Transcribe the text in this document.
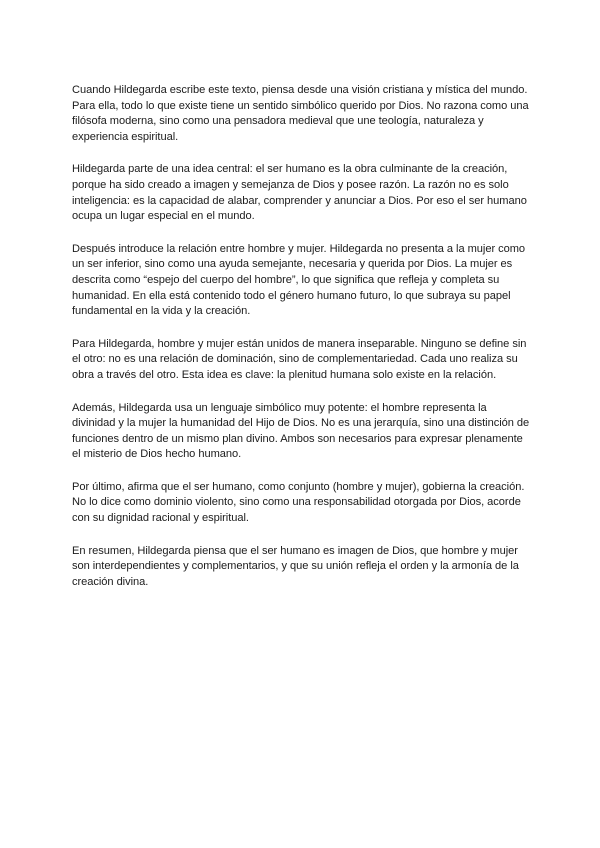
Cuando Hildegarda escribe este texto, piensa desde una visión cristiana y mística del mundo. Para ella, todo lo que existe tiene un sentido simbólico querido por Dios. No razona como una filósofa moderna, sino como una pensadora medieval que une teología, naturaleza y experiencia espiritual.

Hildegarda parte de una idea central: el ser humano es la obra culminante de la creación, porque ha sido creado a imagen y semejanza de Dios y posee razón. La razón no es solo inteligencia: es la capacidad de alabar, comprender y anunciar a Dios. Por eso el ser humano ocupa un lugar especial en el mundo.

Después introduce la relación entre hombre y mujer. Hildegarda no presenta a la mujer como un ser inferior, sino como una ayuda semejante, necesaria y querida por Dios. La mujer es descrita como “espejo del cuerpo del hombre”, lo que significa que refleja y completa su humanidad. En ella está contenido todo el género humano futuro, lo que subraya su papel fundamental en la vida y la creación.

Para Hildegarda, hombre y mujer están unidos de manera inseparable. Ninguno se define sin el otro: no es una relación de dominación, sino de complementariedad. Cada uno realiza su obra a través del otro. Esta idea es clave: la plenitud humana solo existe en la relación.

Además, Hildegarda usa un lenguaje simbólico muy potente: el hombre representa la divinidad y la mujer la humanidad del Hijo de Dios. No es una jerarquía, sino una distinción de funciones dentro de un mismo plan divino. Ambos son necesarios para expresar plenamente el misterio de Dios hecho humano.

Por último, afirma que el ser humano, como conjunto (hombre y mujer), gobierna la creación. No lo dice como dominio violento, sino como una responsabilidad otorgada por Dios, acorde con su dignidad racional y espiritual.

En resumen, Hildegarda piensa que el ser humano es imagen de Dios, que hombre y mujer son interdependientes y complementarios, y que su unión refleja el orden y la armonía de la creación divina.
